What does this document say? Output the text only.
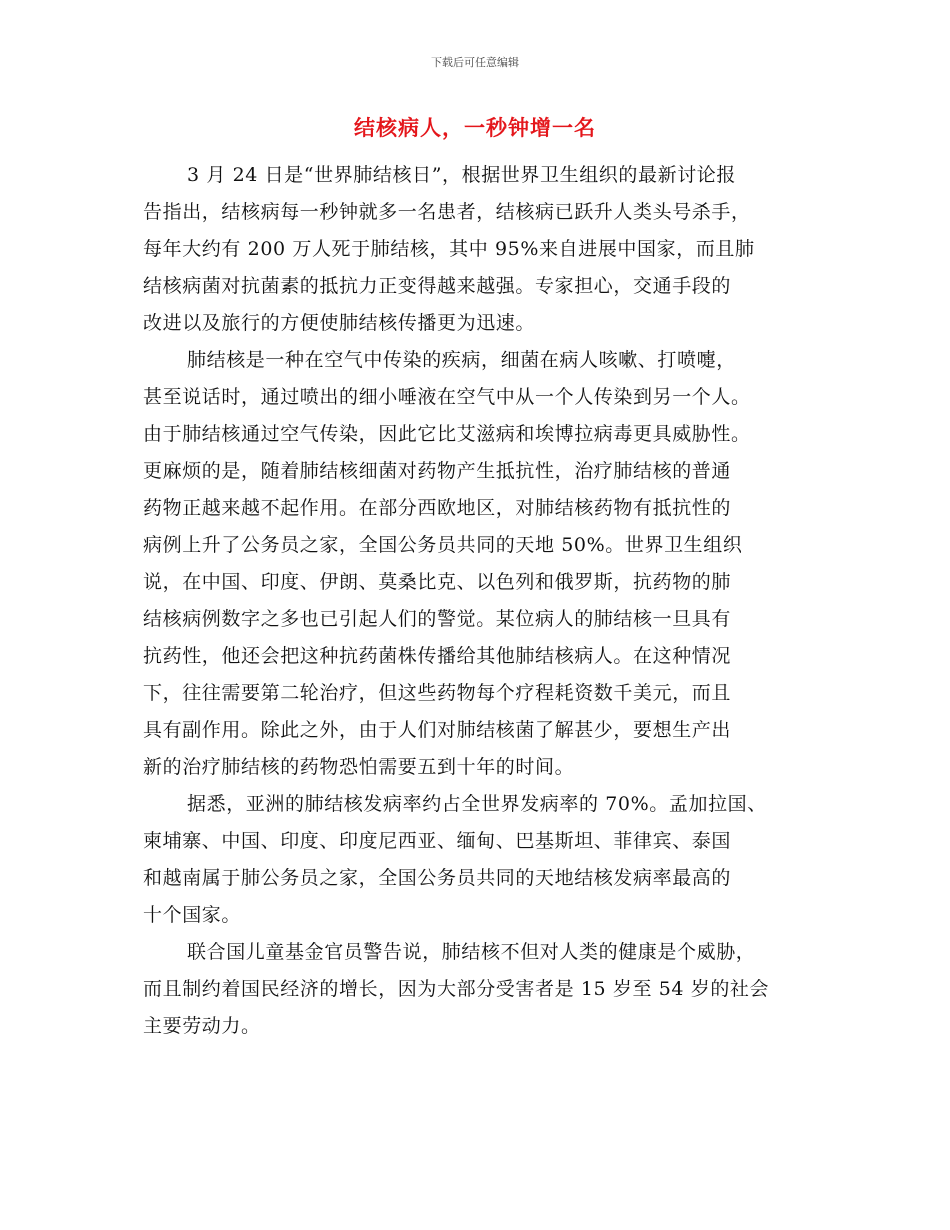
下载后可任意编辑
结核病人，一秒钟增一名
3 月 24 日是“世界肺结核日”，根据世界卫生组织的最新讨论报
告指出，结核病每一秒钟就多一名患者，结核病已跃升人类头号杀手，
每年大约有 200 万人死于肺结核，其中 95%来自进展中国家，而且肺
结核病菌对抗菌素的抵抗力正变得越来越强。专家担心，交通手段的
改进以及旅行的方便使肺结核传播更为迅速。
肺结核是一种在空气中传染的疾病，细菌在病人咳嗽、打喷嚏，
甚至说话时，通过喷出的细小唾液在空气中从一个人传染到另一个人。
由于肺结核通过空气传染，因此它比艾滋病和埃博拉病毒更具威胁性。
更麻烦的是，随着肺结核细菌对药物产生抵抗性，治疗肺结核的普通
药物正越来越不起作用。在部分西欧地区，对肺结核药物有抵抗性的
病例上升了公务员之家，全国公务员共同的天地 50%。世界卫生组织
说，在中国、印度、伊朗、莫桑比克、以色列和俄罗斯，抗药物的肺
结核病例数字之多也已引起人们的警觉。某位病人的肺结核一旦具有
抗药性，他还会把这种抗药菌株传播给其他肺结核病人。在这种情况
下，往往需要第二轮治疗，但这些药物每个疗程耗资数千美元，而且
具有副作用。除此之外，由于人们对肺结核菌了解甚少，要想生产出
新的治疗肺结核的药物恐怕需要五到十年的时间。
据悉，亚洲的肺结核发病率约占全世界发病率的 70%。孟加拉国、
柬埔寨、中国、印度、印度尼西亚、缅甸、巴基斯坦、菲律宾、泰国
和越南属于肺公务员之家，全国公务员共同的天地结核发病率最高的
十个国家。
联合国儿童基金官员警告说，肺结核不但对人类的健康是个威胁，
而且制约着国民经济的增长，因为大部分受害者是 15 岁至 54 岁的社会
主要劳动力。
